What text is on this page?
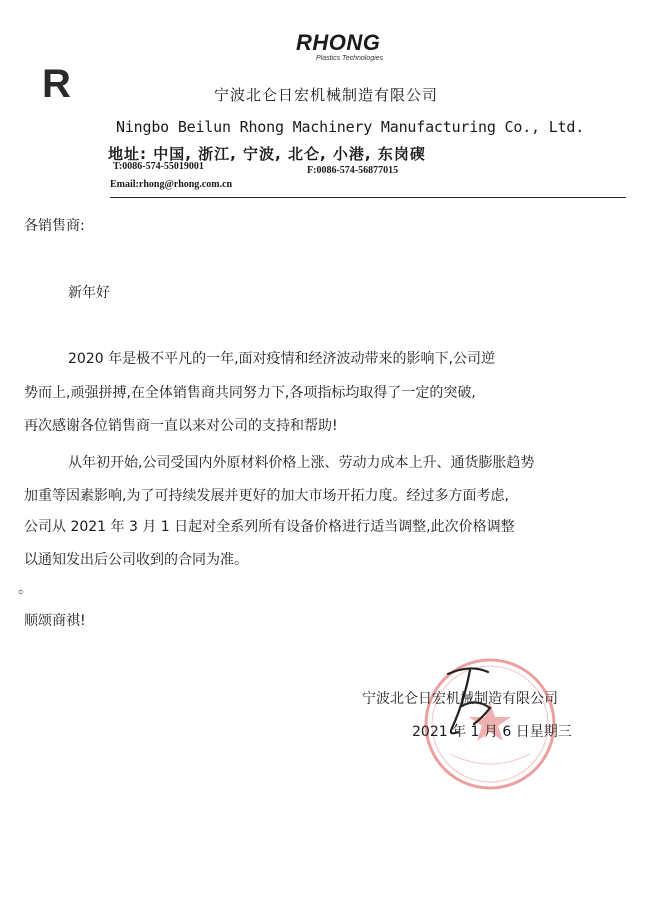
RHONG
Plastics Technologies
R	宁波北仑日宏机械制造有限公司
Ningbo Beilun Rhong Machinery Manufacturing Co., Ltd.
地址: 中国, 浙江, 宁波, 北仑, 小港, 东岗碶
T:0086-574-55019001	F:0086-574-56877015
Email:rhong@rhong.com.cn
各销售商:
新年好
2020 年是极不平凡的一年,面对疫情和经济波动带来的影响下,公司逆
势而上,顽强拼搏,在全体销售商共同努力下,各项指标均取得了一定的突破,
再次感谢各位销售商一直以来对公司的支持和帮助!
从年初开始,公司受国内外原材料价格上涨、劳动力成本上升、通货膨胀趋势
加重等因素影响,为了可持续发展并更好的加大市场开拓力度。经过多方面考虑,
公司从 2021 年 3 月 1 日起对全系列所有设备价格进行适当调整,此次价格调整
以通知发出后公司收到的合同为准。
。
顺颂商祺!
宁波北仑日宏机械制造有限公司
2021 年 1 月 6 日星期三
